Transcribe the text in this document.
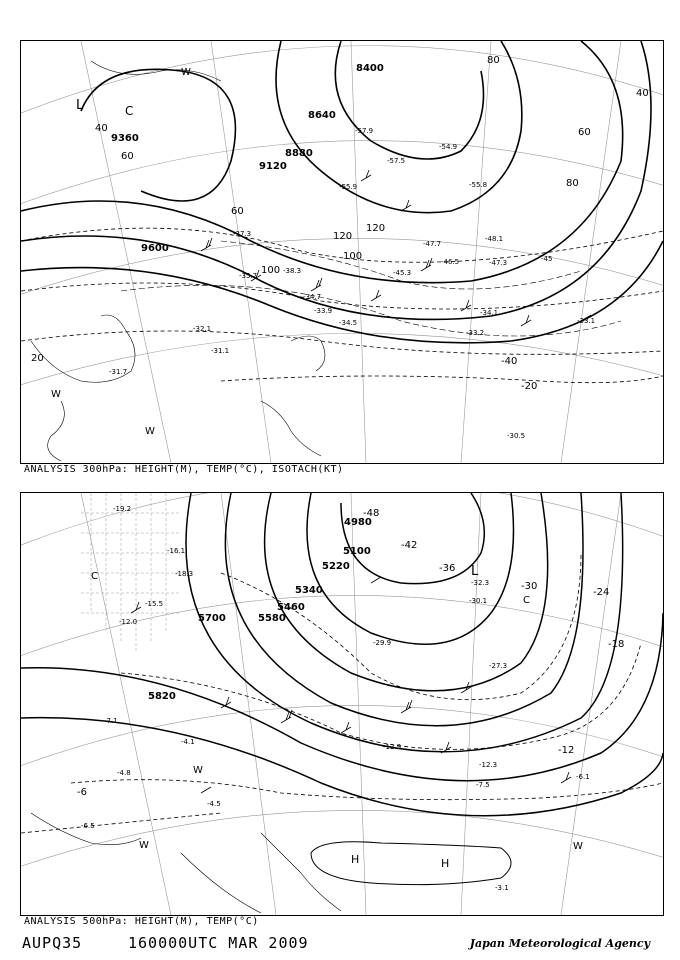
8400
8640
8880
9120
9360
9600
20
40
40
60
60
60
80
80
100
100
120
120
-20
-40
-45
-47.7
-46.5	-47.3
-54.9
-57.5
-57.9
-55.9
-48.1
-45.3
-38.3
-34.7
-33.9
-34.5
-35.7
-37.3
-32.1
-31.1
-31.7
-30.5
-33.1
-34.1
-33.2
-55.8
L	C
W
W
W
ANALYSIS 300hPa: HEIGHT(M), TEMP(°C), ISOTACH(KT)
4980
5100
5220
5340
5460
5580
5700
5820
-48
-42
-36
-30
-24
-18
-12
-6
-19.2
-16.1
-18.3
-15.5
-12.0
-4.1
-7.1
-4.8
-6.5
-4.5
-3.1
-12.3
-12.9
-7.5
-6.1
-27.3
-29.9
-30.1
-32.3
L
C
C
H	H
W	W
W
ANALYSIS 500hPa: HEIGHT(M), TEMP(°C)
AUPQ35	160000UTC MAR 2009	Japan Meteorological Agency
